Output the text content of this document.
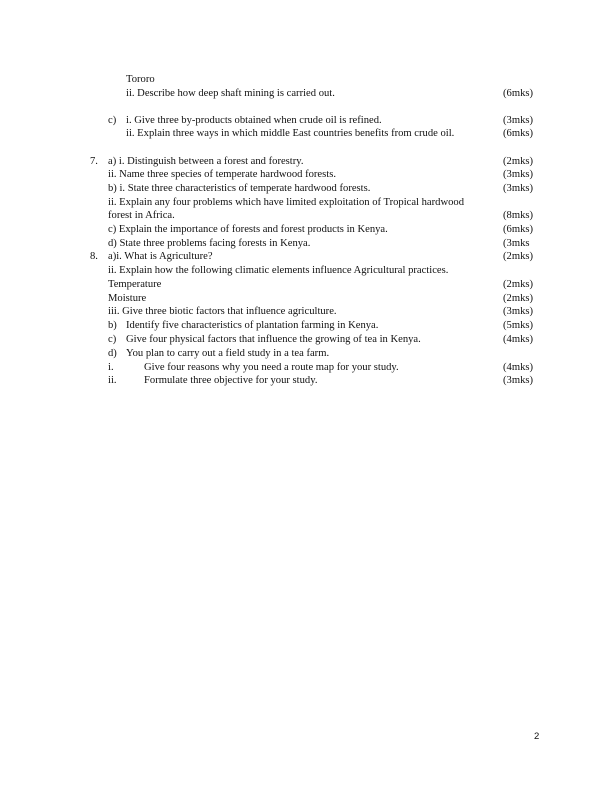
Tororo
ii. Describe how deep shaft mining is carried out.	(6mks)
c) i. Give three by-products obtained when crude oil is refined.	(3mks)
ii. Explain three ways in which middle East countries benefits from crude oil.	(6mks)
7. a) i. Distinguish between a forest and forestry.	(2mks)
ii. Name three species of temperate hardwood forests.	(3mks)
b) i. State three characteristics of temperate hardwood forests.	(3mks)
ii. Explain any four problems which have limited exploitation of Tropical hardwood
forest in Africa.	(8mks)
c) Explain the importance of forests and forest products in Kenya.	(6mks)
d) State three problems facing forests in Kenya.	(3mks
8. a)i. What is Agriculture?	(2mks)
ii. Explain how the following climatic elements influence Agricultural practices.
Temperature	(2mks)
Moisture	(2mks)
iii. Give three biotic factors that influence agriculture.	(3mks)
b) Identify five characteristics of plantation farming in Kenya.	(5mks)
c) Give four physical factors that influence the growing of tea in Kenya.	(4mks)
d) You plan to carry out a field study in a tea farm.
i.	Give four reasons why you need a route map for your study.	(4mks)
ii.	Formulate three objective for your study.	(3mks)
2
